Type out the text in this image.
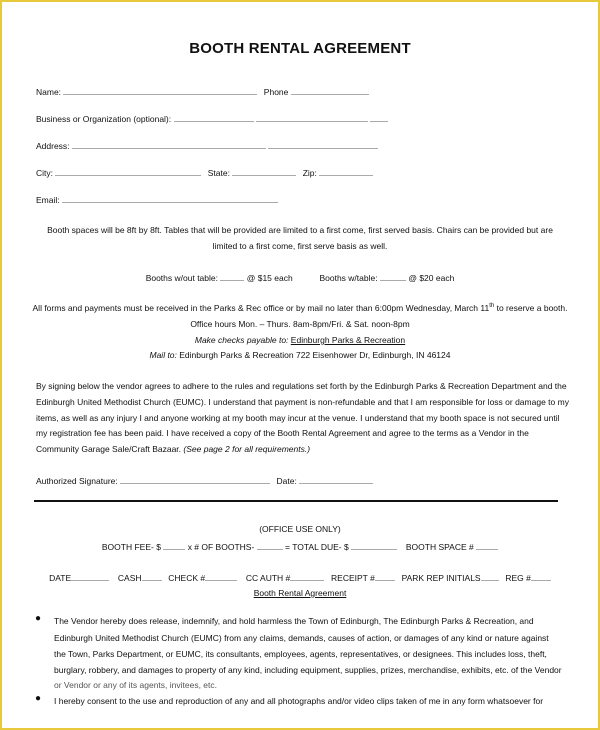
BOOTH RENTAL AGREEMENT
Name:	Phone
Business or Organization (optional):
Address:
City:	State:	Zip:
Email:
Booth spaces will be 8ft by 8ft. Tables that will be provided are limited to a first come, first served basis. Chairs can be provided but are
limited to a first come, first serve basis as well.
Booths w/out table:	@ $15 each	Booths w/table:	@ $20 each
All forms and payments must be received in the Parks & Rec office or by mail no later than 6:00pm Wednesday, March 11th to reserve a booth.
Office hours Mon. – Thurs. 8am-8pm/Fri. & Sat. noon-8pm
Make checks payable to: Edinburgh Parks & Recreation
Mail to: Edinburgh Parks & Recreation 722 Eisenhower Dr, Edinburgh, IN 46124
By signing below the vendor agrees to adhere to the rules and regulations set forth by the Edinburgh Parks & Recreation Department and the
Edinburgh United Methodist Church (EUMC). I understand that payment is non-refundable and that I am responsible for loss or damage to my
items, as well as any injury I and anyone working at my booth may incur at the venue. I understand that my booth space is not secured until
my registration fee has been paid. I have received a copy of the Booth Rental Agreement and agree to the terms as a Vendor in the
Community Garage Sale/Craft Bazaar. (See page 2 for all requirements.)
Authorized Signature:	Date:
(OFFICE USE ONLY)
BOOTH FEE- $	x # OF BOOTHS-	= TOTAL DUE- $	BOOTH SPACE #
DATE	CASH	CHECK #	CC AUTH #	RECEIPT #	PARK REP INITIALS	REG #
Booth Rental Agreement
● The Vendor hereby does release, indemnify, and hold harmless the Town of Edinburgh, The Edinburgh Parks & Recreation, and
Edinburgh United Methodist Church (EUMC) from any claims, demands, causes of action, or damages of any kind or nature against
the Town, Parks Department, or EUMC, its consultants, employees, agents, representatives, or designees. This includes loss, theft,
burglary, robbery, and damages to property of any kind, including equipment, supplies, prizes, merchandise, exhibits, etc. of the Vendor
or Vendor or any of its agents, invitees, etc.
● I hereby consent to the use and reproduction of any and all photographs and/or video clips taken of me in any form whatsoever for
